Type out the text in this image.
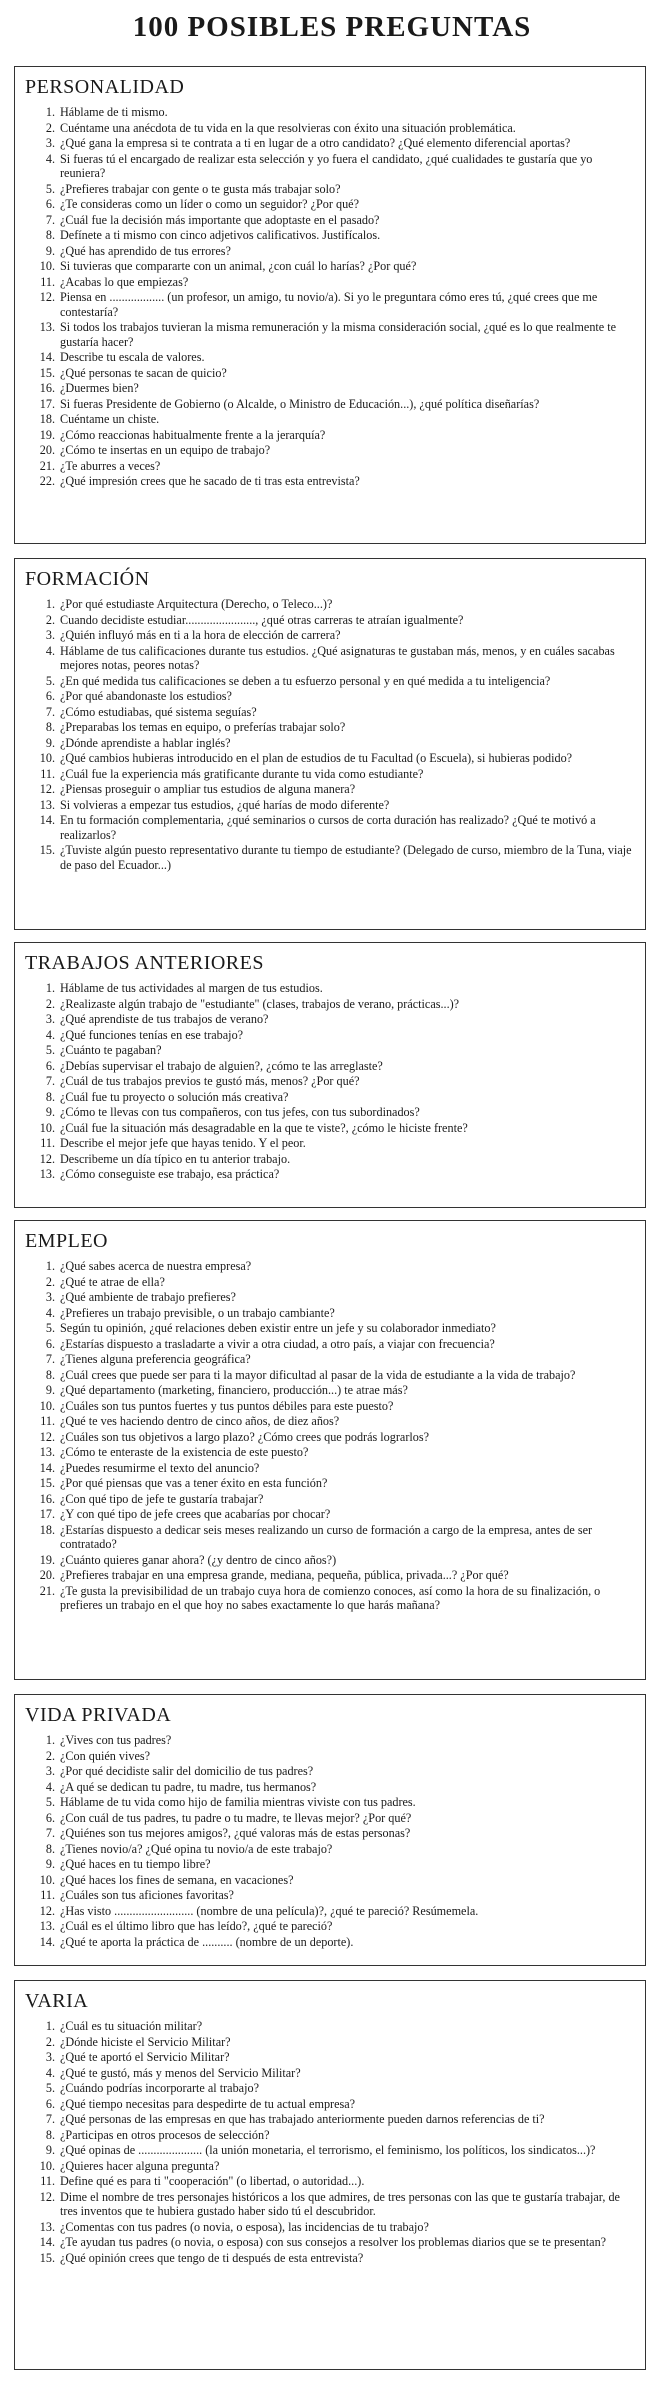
100 POSIBLES PREGUNTAS
PERSONALIDAD
1. Háblame de ti mismo.
2. Cuéntame una anécdota de tu vida en la que resolvieras con éxito una situación problemática.
3. ¿Qué gana la empresa si te contrata a ti en lugar de a otro candidato? ¿Qué elemento diferencial aportas?
4. Si fueras tú el encargado de realizar esta selección y yo fuera el candidato, ¿qué cualidades te gustaría que yo reuniera?
5. ¿Prefieres trabajar con gente o te gusta más trabajar solo?
6. ¿Te consideras como un líder o como un seguidor? ¿Por qué?
7. ¿Cuál fue la decisión más importante que adoptaste en el pasado?
8. Defínete a ti mismo con cinco adjetivos calificativos. Justifícalos.
9. ¿Qué has aprendido de tus errores?
10. Si tuvieras que compararte con un animal, ¿con cuál lo harías? ¿Por qué?
11. ¿Acabas lo que empiezas?
12. Piensa en .................. (un profesor, un amigo, tu novio/a). Si yo le preguntara cómo eres tú, ¿qué crees que me contestaría?
13. Si todos los trabajos tuvieran la misma remuneración y la misma consideración social, ¿qué es lo que realmente te gustaría hacer?
14. Describe tu escala de valores.
15. ¿Qué personas te sacan de quicio?
16. ¿Duermes bien?
17. Si fueras Presidente de Gobierno (o Alcalde, o Ministro de Educación...), ¿qué política diseñarías?
18. Cuéntame un chiste.
19. ¿Cómo reaccionas habitualmente frente a la jerarquía?
20. ¿Cómo te insertas en un equipo de trabajo?
21. ¿Te aburres a veces?
22. ¿Qué impresión crees que he sacado de ti tras esta entrevista?
FORMACIÓN
1. ¿Por qué estudiaste Arquitectura (Derecho, o Teleco...)?
2. Cuando decidiste estudiar......................., ¿qué otras carreras te atraían igualmente?
3. ¿Quién influyó más en ti a la hora de elección de carrera?
4. Háblame de tus calificaciones durante tus estudios. ¿Qué asignaturas te gustaban más, menos, y en cuáles sacabas mejores notas, peores notas?
5. ¿En qué medida tus calificaciones se deben a tu esfuerzo personal y en qué medida a tu inteligencia?
6. ¿Por qué abandonaste los estudios?
7. ¿Cómo estudiabas, qué sistema seguías?
8. ¿Preparabas los temas en equipo, o preferías trabajar solo?
9. ¿Dónde aprendiste a hablar inglés?
10. ¿Qué cambios hubieras introducido en el plan de estudios de tu Facultad (o Escuela), si hubieras podido?
11. ¿Cuál fue la experiencia más gratificante durante tu vida como estudiante?
12. ¿Piensas proseguir o ampliar tus estudios de alguna manera?
13. Si volvieras a empezar tus estudios, ¿qué harías de modo diferente?
14. En tu formación complementaria, ¿qué seminarios o cursos de corta duración has realizado? ¿Qué te motivó a realizarlos?
15. ¿Tuviste algún puesto representativo durante tu tiempo de estudiante? (Delegado de curso, miembro de la Tuna, viaje de paso del Ecuador...)
TRABAJOS ANTERIORES
1. Háblame de tus actividades al margen de tus estudios.
2. ¿Realizaste algún trabajo de "estudiante" (clases, trabajos de verano, prácticas...)?
3. ¿Qué aprendiste de tus trabajos de verano?
4. ¿Qué funciones tenías en ese trabajo?
5. ¿Cuánto te pagaban?
6. ¿Debías supervisar el trabajo de alguien?, ¿cómo te las arreglaste?
7. ¿Cuál de tus trabajos previos te gustó más, menos? ¿Por qué?
8. ¿Cuál fue tu proyecto o solución más creativa?
9. ¿Cómo te llevas con tus compañeros, con tus jefes, con tus subordinados?
10. ¿Cuál fue la situación más desagradable en la que te viste?, ¿cómo le hiciste frente?
11. Describe el mejor jefe que hayas tenido. Y el peor.
12. Describeme un día típico en tu anterior trabajo.
13. ¿Cómo conseguiste ese trabajo, esa práctica?
EMPLEO
1. ¿Qué sabes acerca de nuestra empresa?
2. ¿Qué te atrae de ella?
3. ¿Qué ambiente de trabajo prefieres?
4. ¿Prefieres un trabajo previsible, o un trabajo cambiante?
5. Según tu opinión, ¿qué relaciones deben existir entre un jefe y su colaborador inmediato?
6. ¿Estarías dispuesto a trasladarte a vivir a otra ciudad, a otro país, a viajar con frecuencia?
7. ¿Tienes alguna preferencia geográfica?
8. ¿Cuál crees que puede ser para ti la mayor dificultad al pasar de la vida de estudiante a la vida de trabajo?
9. ¿Qué departamento (marketing, financiero, producción...) te atrae más?
10. ¿Cuáles son tus puntos fuertes y tus puntos débiles para este puesto?
11. ¿Qué te ves haciendo dentro de cinco años, de diez años?
12. ¿Cuáles son tus objetivos a largo plazo? ¿Cómo crees que podrás lograrlos?
13. ¿Cómo te enteraste de la existencia de este puesto?
14. ¿Puedes resumirme el texto del anuncio?
15. ¿Por qué piensas que vas a tener éxito en esta función?
16. ¿Con qué tipo de jefe te gustaría trabajar?
17. ¿Y con qué tipo de jefe crees que acabarías por chocar?
18. ¿Estarías dispuesto a dedicar seis meses realizando un curso de formación a cargo de la empresa, antes de ser contratado?
19. ¿Cuánto quieres ganar ahora? (¿y dentro de cinco años?)
20. ¿Prefieres trabajar en una empresa grande, mediana, pequeña, pública, privada...? ¿Por qué?
21. ¿Te gusta la previsibilidad de un trabajo cuya hora de comienzo conoces, así como la hora de su finalización, o prefieres un trabajo en el que hoy no sabes exactamente lo que harás mañana?
VIDA PRIVADA
1. ¿Vives con tus padres?
2. ¿Con quién vives?
3. ¿Por qué decidiste salir del domicilio de tus padres?
4. ¿A qué se dedican tu padre, tu madre, tus hermanos?
5. Háblame de tu vida como hijo de familia mientras viviste con tus padres.
6. ¿Con cuál de tus padres, tu padre o tu madre, te llevas mejor? ¿Por qué?
7. ¿Quiénes son tus mejores amigos?, ¿qué valoras más de estas personas?
8. ¿Tienes novio/a? ¿Qué opina tu novio/a de este trabajo?
9. ¿Qué haces en tu tiempo libre?
10. ¿Qué haces los fines de semana, en vacaciones?
11. ¿Cuáles son tus aficiones favoritas?
12. ¿Has visto .......................... (nombre de una película)?, ¿qué te pareció? Resúmemela.
13. ¿Cuál es el último libro que has leído?, ¿qué te pareció?
14. ¿Qué te aporta la práctica de .......... (nombre de un deporte).
VARIA
1. ¿Cuál es tu situación militar?
2. ¿Dónde hiciste el Servicio Militar?
3. ¿Qué te aportó el Servicio Militar?
4. ¿Qué te gustó, más y menos del Servicio Militar?
5. ¿Cuándo podrías incorporarte al trabajo?
6. ¿Qué tiempo necesitas para despedirte de tu actual empresa?
7. ¿Qué personas de las empresas en que has trabajado anteriormente pueden darnos referencias de ti?
8. ¿Participas en otros procesos de selección?
9. ¿Qué opinas de ..................... (la unión monetaria, el terrorismo, el feminismo, los políticos, los sindicatos...)?
10. ¿Quieres hacer alguna pregunta?
11. Define qué es para ti "cooperación" (o libertad, o autoridad...).
12. Dime el nombre de tres personajes históricos a los que admires, de tres personas con las que te gustaría trabajar, de tres inventos que te hubiera gustado haber sido tú el descubridor.
13. ¿Comentas con tus padres (o novia, o esposa), las incidencias de tu trabajo?
14. ¿Te ayudan tus padres (o novia, o esposa) con sus consejos a resolver los problemas diarios que se te presentan?
15. ¿Qué opinión crees que tengo de ti después de esta entrevista?
